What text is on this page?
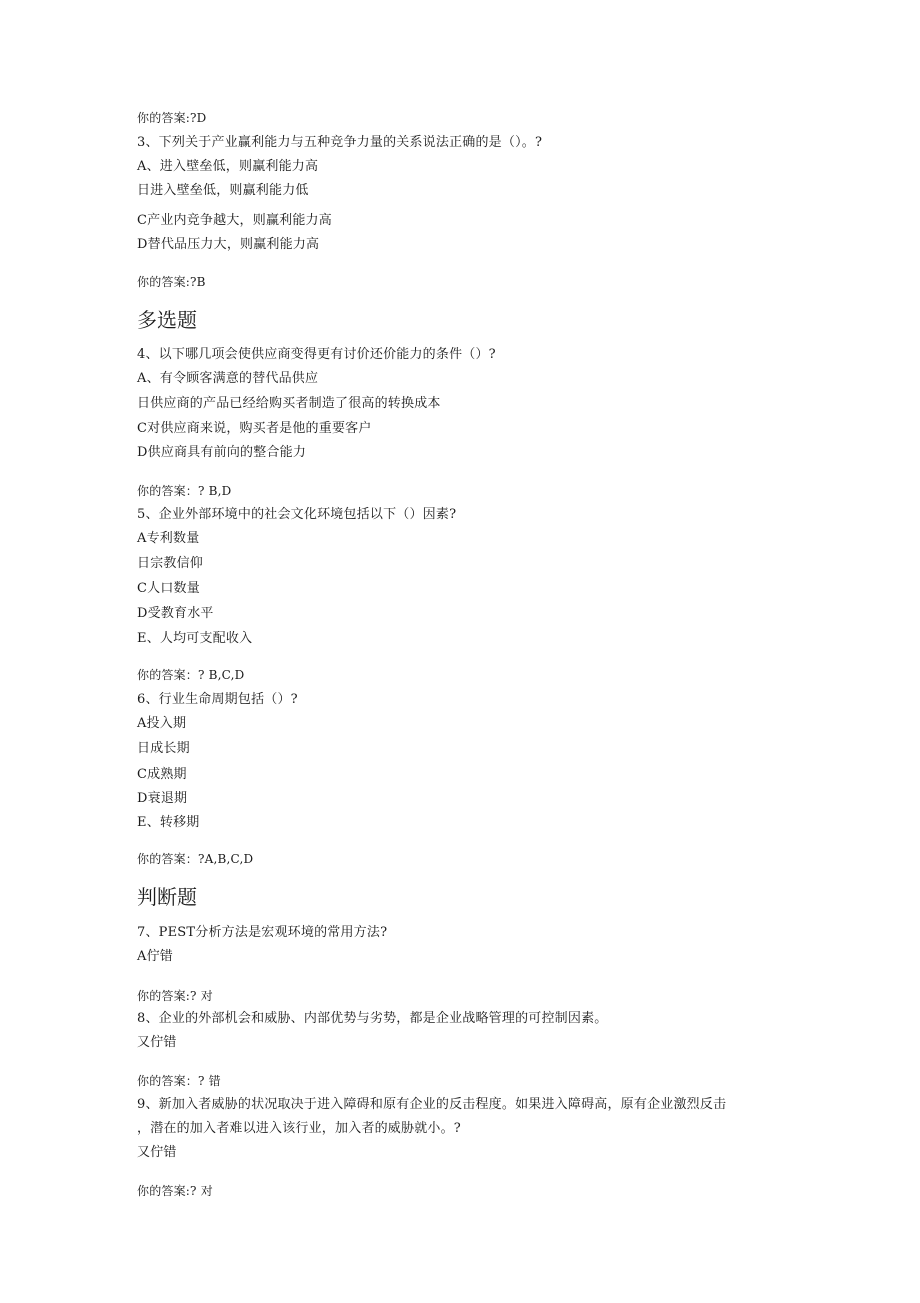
你的答案:?D
3、下列关于产业赢利能力与五种竞争力量的关系说法正确的是（）。?
A、进入壁垒低，则赢利能力高
日进入壁垒低，则赢利能力低
C产业内竞争越大，则赢利能力高
D替代品压力大，则赢利能力高
你的答案:?B
多选题
4、以下哪几项会使供应商变得更有讨价还价能力的条件（）?
A、有令顾客满意的替代品供应
日供应商的产品已经给购买者制造了很高的转换成本
C对供应商来说，购买者是他的重要客户
D供应商具有前向的整合能力
你的答案：? B,D
5、企业外部环境中的社会文化环境包括以下（）因素?
A专利数量
日宗教信仰
C人口数量
D受教育水平
E、人均可支配收入
你的答案：? B,C,D
6、行业生命周期包括（）?
A投入期
日成长期
C成熟期
D衰退期
E、转移期
你的答案：?A,B,C,D
判断题
7、PEST分析方法是宏观环境的常用方法?
A佇错
你的答案:? 对
8、企业的外部机会和威胁、内部优势与劣势，都是企业战略管理的可控制因素。
又佇错
你的答案：? 错
9、新加入者威胁的状况取决于进入障碍和原有企业的反击程度。如果进入障碍高，原有企业激烈反击
，潜在的加入者难以进入该行业，加入者的威胁就小。?
又佇错
你的答案:? 对
